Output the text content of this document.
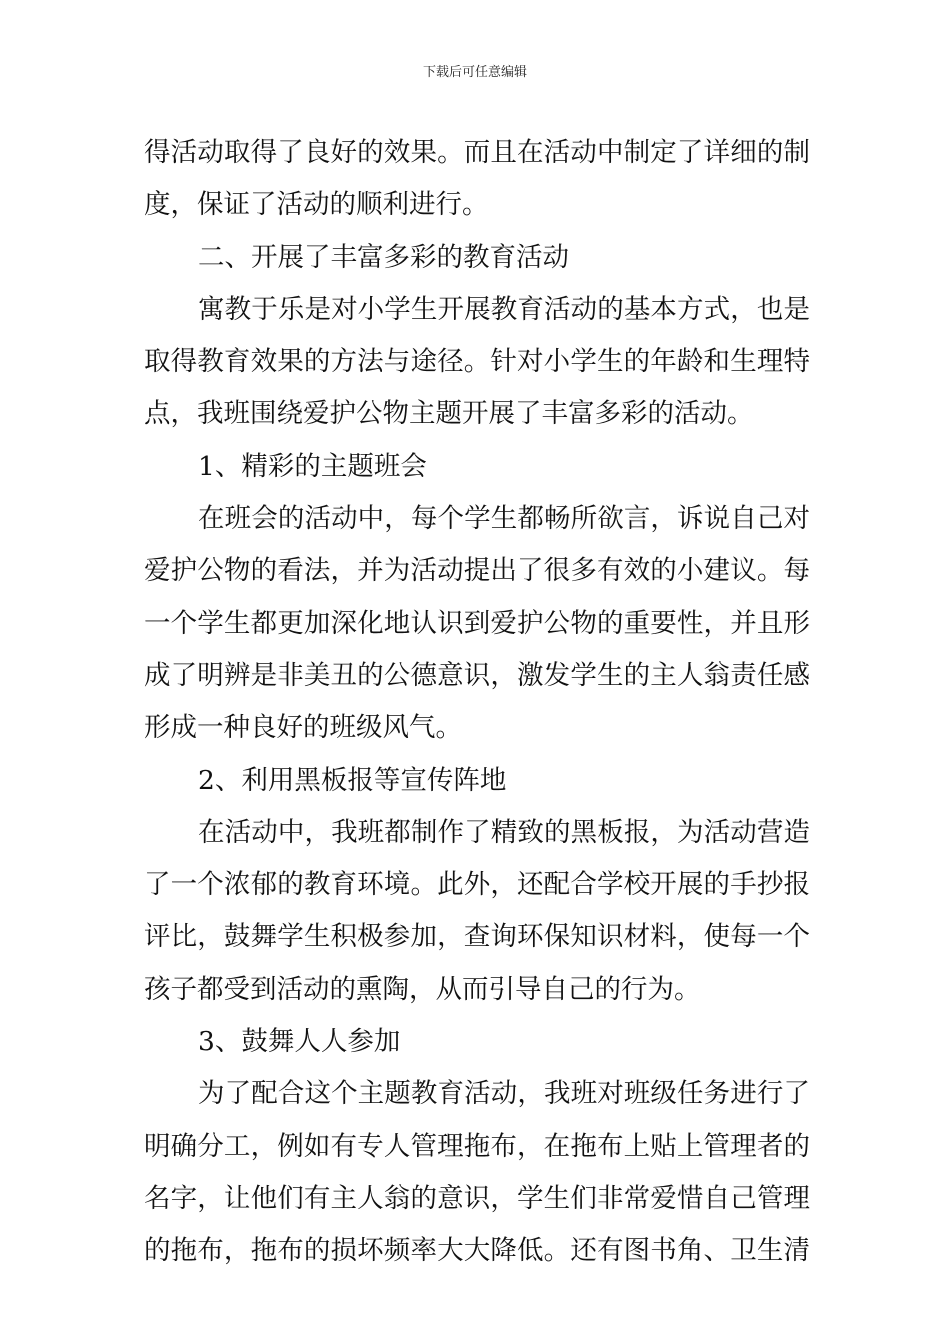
下载后可任意编辑
得活动取得了良好的效果。而且在活动中制定了详细的制
度，保证了活动的顺利进行。
二、开展了丰富多彩的教育活动
寓教于乐是对小学生开展教育活动的基本方式，也是
取得教育效果的方法与途径。针对小学生的年龄和生理特
点，我班围绕爱护公物主题开展了丰富多彩的活动。
1、精彩的主题班会
在班会的活动中，每个学生都畅所欲言，诉说自己对
爱护公物的看法，并为活动提出了很多有效的小建议。每
一个学生都更加深化地认识到爱护公物的重要性，并且形
成了明辨是非美丑的公德意识，激发学生的主人翁责任感
形成一种良好的班级风气。
2、利用黑板报等宣传阵地
在活动中，我班都制作了精致的黑板报，为活动营造
了一个浓郁的教育环境。此外，还配合学校开展的手抄报
评比，鼓舞学生积极参加，查询环保知识材料，使每一个
孩子都受到活动的熏陶，从而引导自己的行为。
3、鼓舞人人参加
为了配合这个主题教育活动，我班对班级任务进行了
明确分工，例如有专人管理拖布，在拖布上贴上管理者的
名字，让他们有主人翁的意识，学生们非常爱惜自己管理
的拖布，拖布的损坏频率大大降低。还有图书角、卫生清
